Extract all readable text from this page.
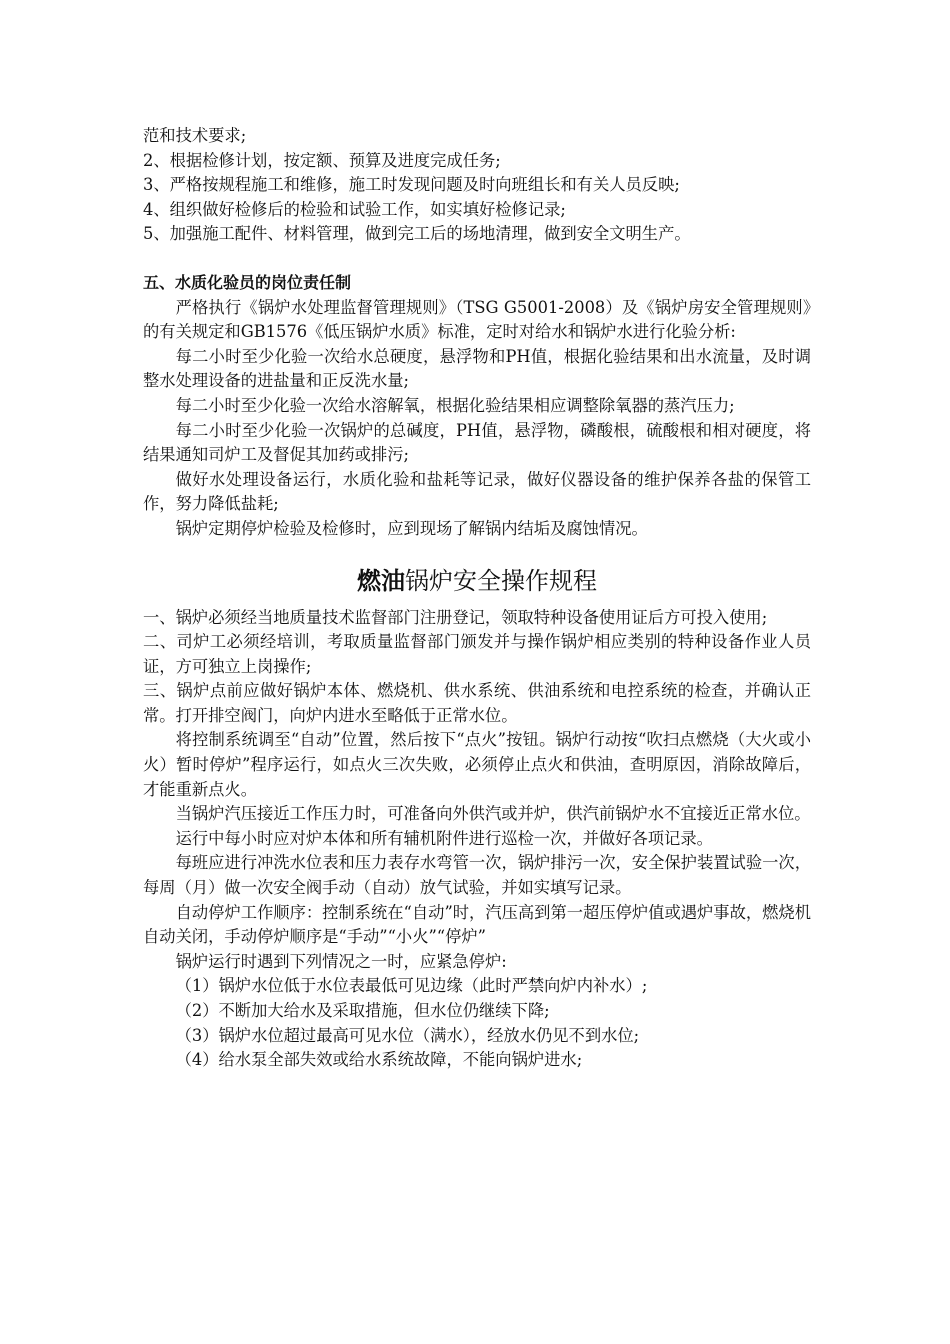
范和技术要求;

2、根据检修计划，按定额、预算及进度完成任务;

3、严格按规程施工和维修，施工时发现问题及时向班组长和有关人员反映;

4、组织做好检修后的检验和试验工作，如实填好检修记录;

5、加强施工配件、材料管理，做到完工后的场地清理，做到安全文明生产。

五、水质化验员的岗位责任制

严格执行《锅炉水处理监督管理规则》（TSG G5001-2008）及《锅炉房安全管理规则》的有关规定和GB1576《低压锅炉水质》标准，定时对给水和锅炉水进行化验分析:

每二小时至少化验一次给水总硬度，悬浮物和PH值，根据化验结果和出水流量，及时调整水处理设备的进盐量和正反洗水量;

每二小时至少化验一次给水溶解氧，根据化验结果相应调整除氧器的蒸汽压力;

每二小时至少化验一次锅炉的总碱度，PH值，悬浮物，磷酸根，硫酸根和相对硬度，将结果通知司炉工及督促其加药或排污;

做好水处理设备运行，水质化验和盐耗等记录，做好仪器设备的维护保养各盐的保管工作，努力降低盐耗;

锅炉定期停炉检验及检修时，应到现场了解锅内结垢及腐蚀情况。

燃油锅炉安全操作规程

一、锅炉必须经当地质量技术监督部门注册登记，领取特种设备使用证后方可投入使用;

二、司炉工必须经培训，考取质量监督部门颁发并与操作锅炉相应类别的特种设备作业人员证，方可独立上岗操作;

三、锅炉点前应做好锅炉本体、燃烧机、供水系统、供油系统和电控系统的检查，并确认正常。打开排空阀门，向炉内进水至略低于正常水位。

将控制系统调至“自动”位置，然后按下“点火”按钮。锅炉行动按“吹扫点燃烧（大火或小火）暂时停炉”程序运行，如点火三次失败，必须停止点火和供油，查明原因，消除故障后，才能重新点火。

当锅炉汽压接近工作压力时，可准备向外供汽或并炉，供汽前锅炉水不宜接近正常水位。

运行中每小时应对炉本体和所有辅机附件进行巡检一次，并做好各项记录。

每班应进行冲洗水位表和压力表存水弯管一次，锅炉排污一次，安全保护装置试验一次，每周（月）做一次安全阀手动（自动）放气试验，并如实填写记录。

自动停炉工作顺序：控制系统在“自动”时，汽压高到第一超压停炉值或遇炉事故，燃烧机自动关闭，手动停炉顺序是“手动”“小火”“停炉”

锅炉运行时遇到下列情况之一时，应紧急停炉:

（1）锅炉水位低于水位表最低可见边缘（此时严禁向炉内补水）;

（2）不断加大给水及采取措施，但水位仍继续下降;

（3）锅炉水位超过最高可见水位（满水），经放水仍见不到水位;

（4）给水泵全部失效或给水系统故障，不能向锅炉进水;
